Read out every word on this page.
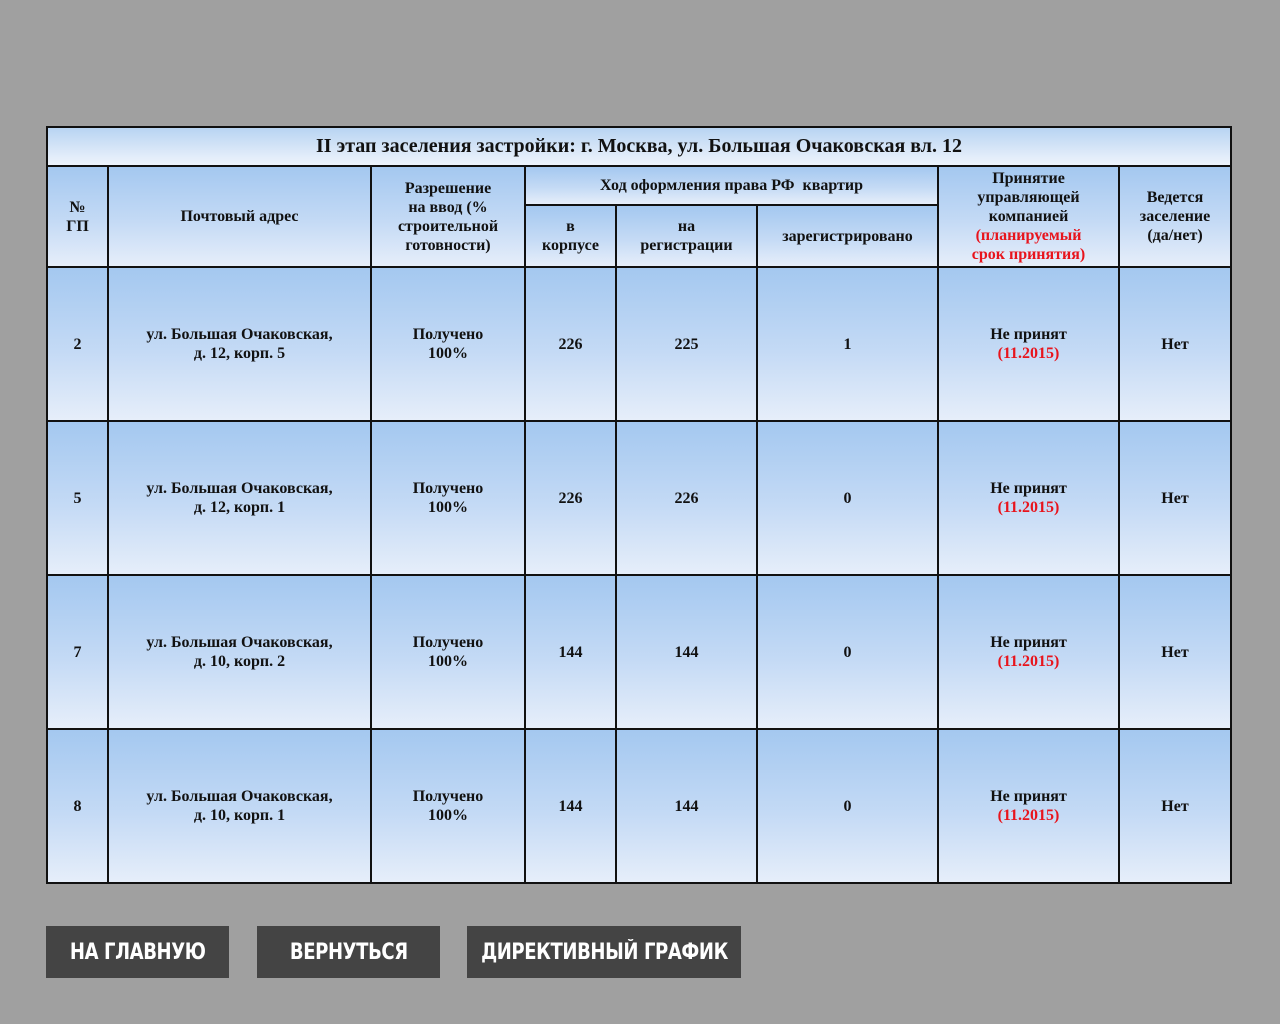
II этап заселения застройки: г. Москва, ул. Большая Очаковская вл. 12							

№
ГП	Почтовый адрес	Разрешение
на ввод (%
строительной
готовности)	Ход оформления права РФ  квартир			Принятие
управляющей
компанией
(планируемый
срок принятия)	Ведется
заселение
(да/нет)

			в
корпусе	на
регистрации	зарегистрировано		
2	ул. Большая Очаковская,
д. 12, корп. 5	Получено
100%	226	225	1	Не принят
(11.2015)	Нет
5	ул. Большая Очаковская,
д. 12, корп. 1	Получено
100%	226	226	0	Не принят
(11.2015)	Нет
7	ул. Большая Очаковская,
д. 10, корп. 2	Получено
100%	144	144	0	Не принят
(11.2015)	Нет
8	ул. Большая Очаковская,
д. 10, корп. 1	Получено
100%	144	144	0	Не принят
(11.2015)	Нет
НА ГЛАВНУЮ	ВЕРНУТЬСЯ	ДИРЕКТИВНЫЙ ГРАФИК
